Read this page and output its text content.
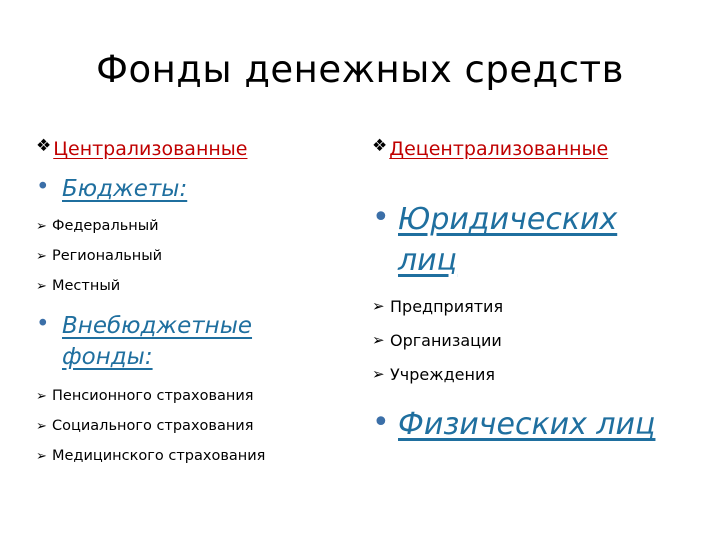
Фонды денежных средств
❖ Централизованные
• Бюджеты:
➢ Федеральный
➢ Региональный
➢ Местный
• Внебюджетные фонды:
➢ Пенсионного страхования
➢ Социального страхования
➢ Медицинского страхования
❖ Децентрализованные
• Юридических лиц
➢ Предприятия
➢ Организации
➢ Учреждения
• Физических лиц
